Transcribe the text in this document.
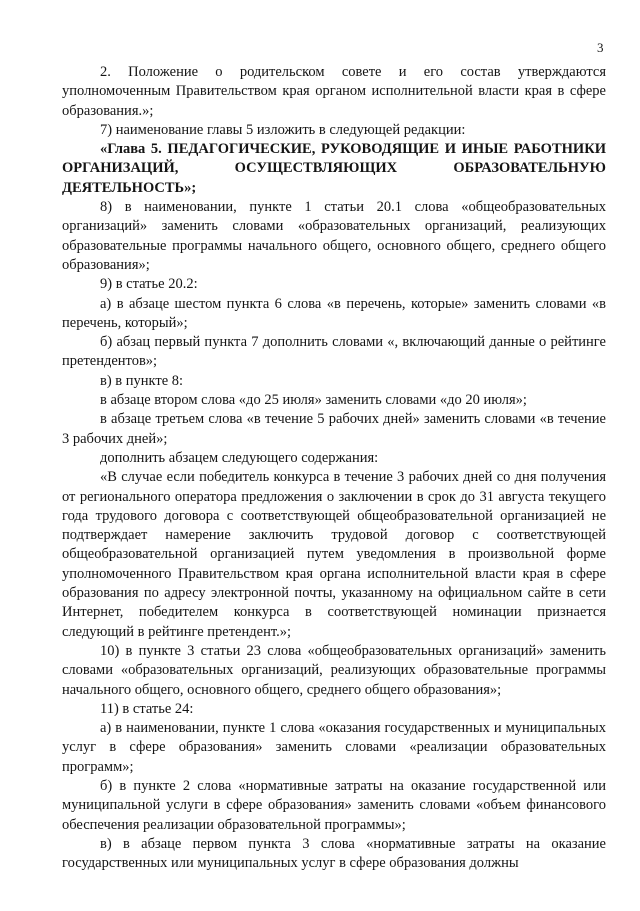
3

2. Положение о родительском совете и его состав утверждаются уполномоченным Правительством края органом исполнительной власти края в сфере образования.»;

7) наименование главы 5 изложить в следующей редакции:

«Глава 5. ПЕДАГОГИЧЕСКИЕ, РУКОВОДЯЩИЕ И ИНЫЕ РАБОТНИКИ ОРГАНИЗАЦИЙ, ОСУЩЕСТВЛЯЮЩИХ ОБРАЗОВАТЕЛЬНУЮ ДЕЯТЕЛЬНОСТЬ»;

8) в наименовании, пункте 1 статьи 20.1 слова «общеобразовательных организаций» заменить словами «образовательных организаций, реализующих образовательные программы начального общего, основного общего, среднего общего образования»;

9) в статье 20.2:

а) в абзаце шестом пункта 6 слова «в перечень, которые» заменить словами «в перечень, который»;

б) абзац первый пункта 7 дополнить словами «, включающий данные о рейтинге претендентов»;

в) в пункте 8:

в абзаце втором слова «до 25 июля» заменить словами «до 20 июля»;

в абзаце третьем слова «в течение 5 рабочих дней» заменить словами «в течение 3 рабочих дней»;

дополнить абзацем следующего содержания:

«В случае если победитель конкурса в течение 3 рабочих дней со дня получения от регионального оператора предложения о заключении в срок до 31 августа текущего года трудового договора с соответствующей общеобразовательной организацией не подтверждает намерение заключить трудовой договор с соответствующей общеобразовательной организацией путем уведомления в произвольной форме уполномоченного Правительством края органа исполнительной власти края в сфере образования по адресу электронной почты, указанному на официальном сайте в сети Интернет, победителем конкурса в соответствующей номинации признается следующий в рейтинге претендент.»;

10) в пункте 3 статьи 23 слова «общеобразовательных организаций» заменить словами «образовательных организаций, реализующих образовательные программы начального общего, основного общего, среднего общего образования»;

11) в статье 24:

а) в наименовании, пункте 1 слова «оказания государственных и муниципальных услуг в сфере образования» заменить словами «реализации образовательных программ»;

б) в пункте 2 слова «нормативные затраты на оказание государственной или муниципальной услуги в сфере образования» заменить словами «объем финансового обеспечения реализации образовательной программы»;

в) в абзаце первом пункта 3 слова «нормативные затраты на оказание государственных или муниципальных услуг в сфере образования должны
